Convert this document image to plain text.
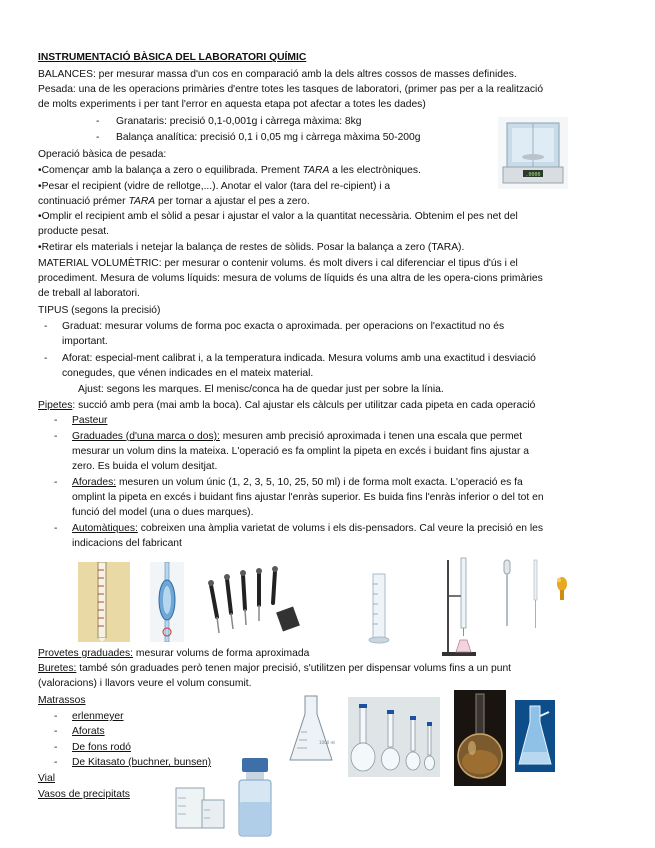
INSTRUMENTACIÓ BÀSICA DEL LABORATORI QUÍMIC
BALANCES: per mesurar massa d'un cos en comparació amb la dels altres cossos de masses definides.
Pesada: una de les operacions primàries d'entre totes les tasques de laboratori, (primer pas per a la realització
de molts experiments i per tant l'error en aquesta etapa pot afectar a totes les dades)
- Granataris: precisió 0,1-0,001g i càrrega màxima: 8kg
- Balança analítica: precisió 0,1 i 0,05 mg i càrrega màxima 50-200g
Operació bàsica de pesada:
•Començar amb la balança a zero o equilibrada. Prement TARA a les electròniques.
•Pesar el recipient (vidre de rellotge,...). Anotar el valor (tara del re-cipient) i a
continuació prémer TARA per tornar a ajustar el pes a zero.
•Omplir el recipient amb el sòlid a pesar i ajustar el valor a la quantitat necessària. Obtenim el pes net del
producte pesat.
•Retirar els materials i netejar la balança de restes de sòlids. Posar la balança a zero (TARA).
MATERIAL VOLUMÈTRIC: per mesurar o contenir volums. és molt divers i cal diferenciar el tipus d'ús i el
procediment. Mesura de volums líquids: mesura de volums de líquids és una altra de les opera-cions primàries
de treball al laboratori.
TIPUS (segons la precisió)
- Graduat: mesurar volums de forma poc exacta o aproximada. per operacions on l'exactitud no és
important.
- Aforat: especial-ment calibrat i, a la temperatura indicada. Mesura volums amb una exactitud i desviació
conegudes, que vénen indicades en el mateix material.
Ajust: segons les marques. El menisc/conca ha de quedar just per sobre la línia.
Pipetes: succió amb pera (mai amb la boca). Cal ajustar els càlculs per utilitzar cada pipeta en cada operació
- Pasteur
- Graduades (d'una marca o dos): mesuren amb precisió aproximada i tenen una escala que permet
mesurar un volum dins la mateixa. L'operació es fa omplint la pipeta en excés i buidant fins ajustar a
zero. Es buida el volum desitjat.
- Aforades: mesuren un volum únic (1, 2, 3, 5, 10, 25, 50 ml) i de forma molt exacta. L'operació es fa
omplint la pipeta en excés i buidant fins ajustar l'enràs superior. Es buida fins l'enràs inferior o del tot en
funció del model (una o dues marques).
- Automàtiques: cobreixen una àmplia varietat de volums i els dis-pensadors. Cal veure la precisió en les
indicacions del fabricant
Provetes graduades: mesurar volums de forma aproximada
Buretes: també són graduades però tenen major precisió, s'utilitzen per dispensar volums fins a un punt
(valoracions) i llavors veure el volum consumit.
Matrassos
- erlenmeyer
- Aforats
- De fons rodó
- De Kitasato (buchner, bunsen)
Vial
Vasos de precipitats
.0000
1000 ml
